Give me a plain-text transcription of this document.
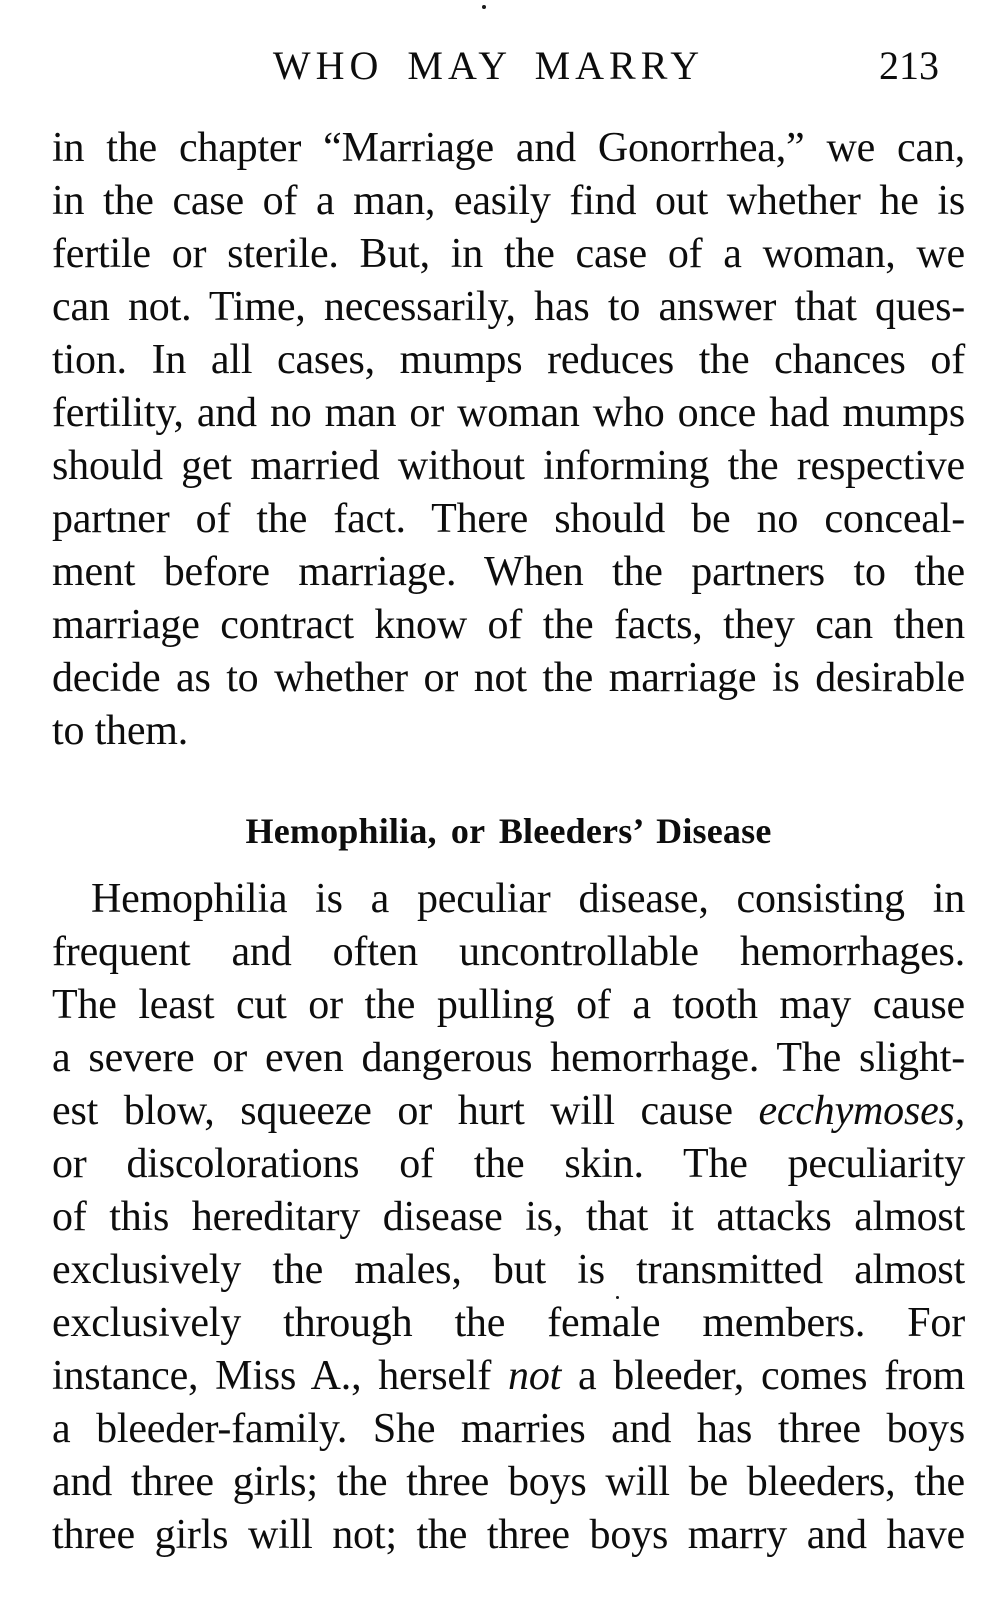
WHO MAY MARRY	213
in the chapter “Marriage and Gonorrhea,” we can,
in the case of a man, easily find out whether he is
fertile or sterile. But, in the case of a woman, we
can not. Time, necessarily, has to answer that ques-
tion. In all cases, mumps reduces the chances of
fertility, and no man or woman who once had mumps
should get married without informing the respective
partner of the fact. There should be no conceal-
ment before marriage. When the partners to the
marriage contract know of the facts, they can then
decide as to whether or not the marriage is desirable
to them.
Hemophilia, or Bleeders’ Disease
Hemophilia is a peculiar disease, consisting in
frequent and often uncontrollable hemorrhages.
The least cut or the pulling of a tooth may cause
a severe or even dangerous hemorrhage. The slight-
est blow, squeeze or hurt will cause ecchymoses,
or discolorations of the skin. The peculiarity
of this hereditary disease is, that it attacks almost
exclusively the males, but is transmitted almost
exclusively through the female members. For
instance, Miss A., herself not a bleeder, comes from
a bleeder-family. She marries and has three boys
and three girls; the three boys will be bleeders, the
three girls will not; the three boys marry and have
